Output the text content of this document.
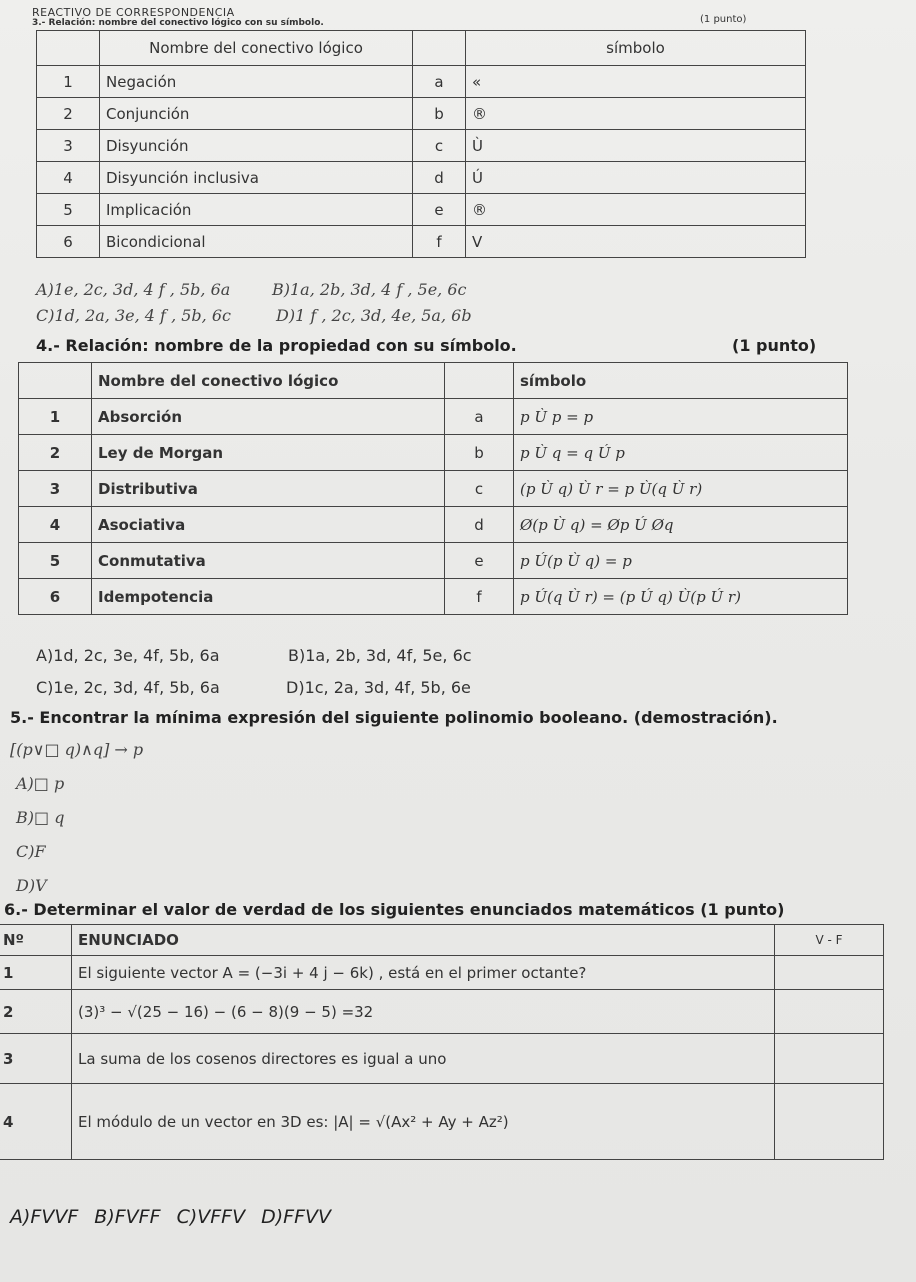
REACTIVO DE CORRESPONDENCIA
3.- Relación: nombre del conectivo lógico con su símbolo.	(1 punto)
	Nombre del conectivo lógico		símbolo
1	Negación	a	«
2	Conjunción	b	®
3	Disyunción	c	Ù
4	Disyunción inclusiva	d	Ú
5	Implicación	e	®
6	Bicondicional	f	V
A)1e, 2c, 3d, 4 f , 5b, 6a	B)1a, 2b, 3d, 4 f , 5e, 6c
C)1d, 2a, 3e, 4 f , 5b, 6c	D)1 f , 2c, 3d, 4e, 5a, 6b
4.- Relación: nombre de la propiedad con su símbolo.	(1 punto)
	Nombre del conectivo lógico		símbolo
1	Absorción	a	p Ù p = p
2	Ley de Morgan	b	p Ù q = q Ú p
3	Distributiva	c	(p Ù q) Ù r = p Ù(q Ù r)
4	Asociativa	d	Ø(p Ù q) = Øp Ú Øq
5	Conmutativa	e	p Ú(p Ù q) = p
6	Idempotencia	f	p Ú(q Ù r) = (p Ú q) Ù(p Ú r)
A)1d, 2c, 3e, 4f, 5b, 6a	B)1a, 2b, 3d, 4f, 5e, 6c
C)1e, 2c, 3d, 4f, 5b, 6a	D)1c, 2a, 3d, 4f, 5b, 6e
5.- Encontrar la mínima expresión del siguiente polinomio booleano. (demostración).
[(p∨□ q)∧q] → p
A)□ p
B)□ q
C)F
D)V
6.- Determinar el valor de verdad de los siguientes enunciados matemáticos (1 punto)
Nº	ENUNCIADO	V - F
1	El siguiente vector A = (−3i + 4 j − 6k) , está en el primer octante?	
2	(3)³ − √(25 − 16) − (6 − 8)(9 − 5) =32	
3	La suma de los cosenos directores es igual a uno	
4	El módulo de un vector en 3D es: |A| = √(Ax² + Ay + Az²)	
A)FVVF B)FVFF C)VFFV D)FFVV
